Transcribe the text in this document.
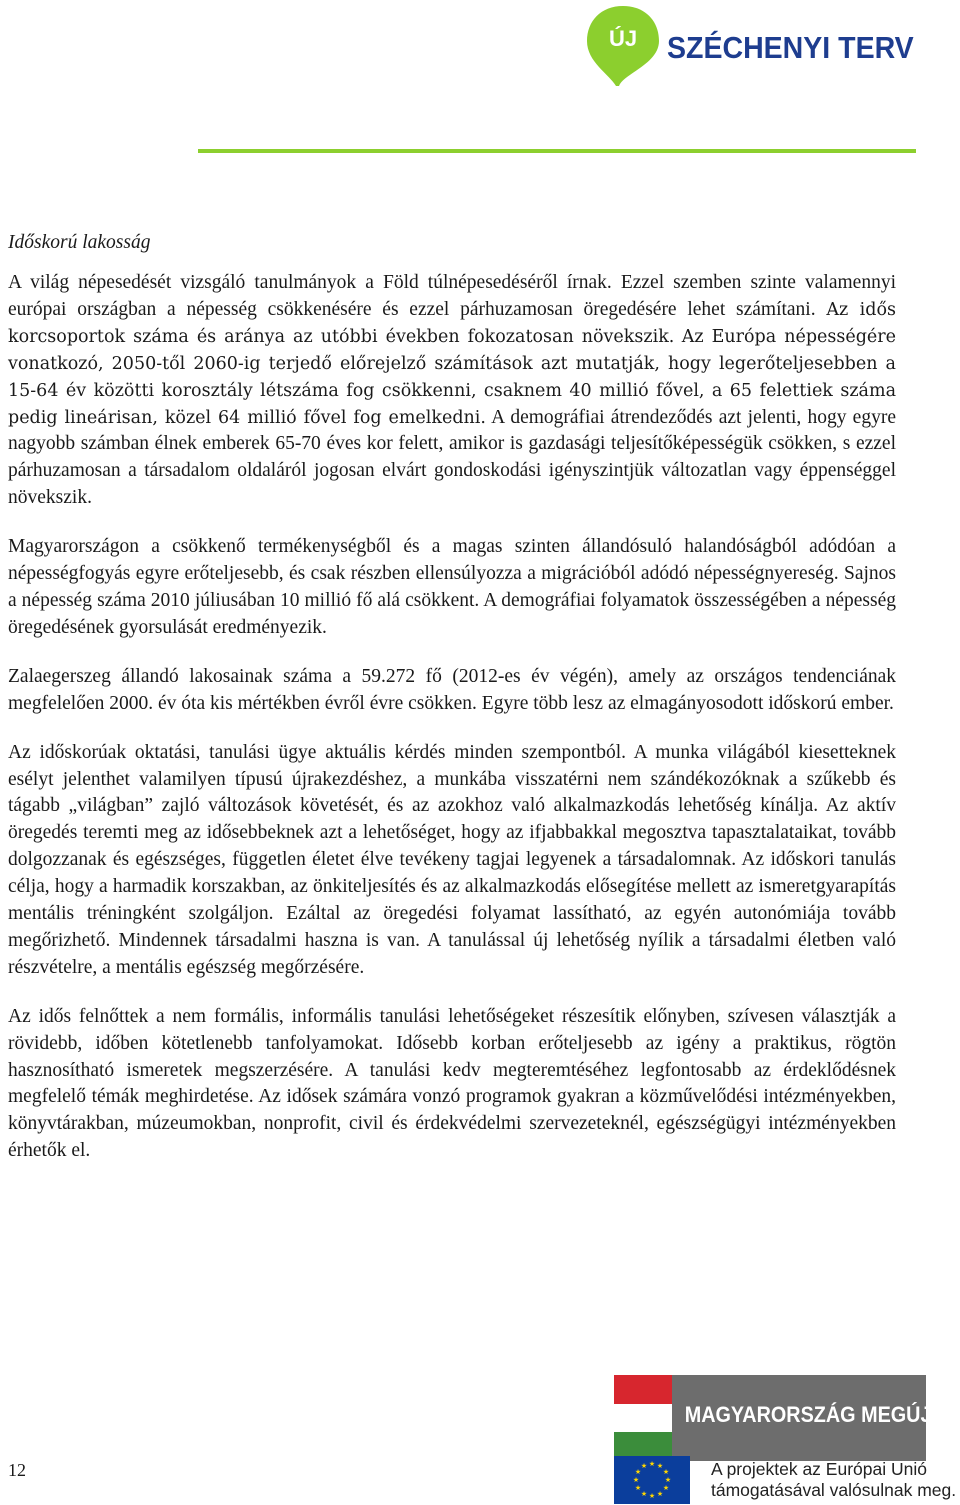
ÚJ SZÉCHENYI TERV
Időskorú lakosság

A világ népesedését vizsgáló tanulmányok a Föld túlnépesedéséről írnak. Ezzel szemben szinte valamennyi európai országban a népesség csökkenésére és ezzel párhuzamosan öregedésére lehet számítani. Az idős korcsoportok száma és aránya az utóbbi években fokozatosan növekszik. Az Európa népességére vonatkozó, 2050-től 2060-ig terjedő előrejelző számítások azt mutatják, hogy legerőteljesebben a 15-64 év közötti korosztály létszáma fog csökkenni, csaknem 40 millió fővel, a 65 felettiek száma pedig lineárisan, közel 64 millió fővel fog emelkedni. A demográfiai átrendeződés azt jelenti, hogy egyre nagyobb számban élnek emberek 65-70 éves kor felett, amikor is gazdasági teljesítőképességük csökken, s ezzel párhuzamosan a társadalom oldaláról jogosan elvárt gondoskodási igényszintjük változatlan vagy éppenséggel növekszik.

Magyarországon a csökkenő termékenységből és a magas szinten állandósuló halandóságból adódóan a népességfogyás egyre erőteljesebb, és csak részben ellensúlyozza a migrációból adódó népességnyereség. Sajnos a népesség száma 2010 júliusában 10 millió fő alá csökkent. A demográfiai folyamatok összességében a népesség öregedésének gyorsulását eredményezik.

Zalaegerszeg állandó lakosainak száma a 59.272 fő (2012-es év végén), amely az országos tendenciának megfelelően 2000. év óta kis mértékben évről évre csökken. Egyre több lesz az elmagányosodott időskorú ember.

Az időskorúak oktatási, tanulási ügye aktuális kérdés minden szempontból. A munka világából kiesetteknek esélyt jelenthet valamilyen típusú újrakezdéshez, a munkába visszatérni nem szándékozóknak a szűkebb és tágabb „világban” zajló változások követését, és az azokhoz való alkalmazkodás lehetőség kínálja. Az aktív öregedés teremti meg az idősebbeknek azt a lehetőséget, hogy az ifjabbakkal megosztva tapasztalataikat, tovább dolgozzanak és egészséges, független életet élve tevékeny tagjai legyenek a társadalomnak. Az időskori tanulás célja, hogy a harmadik korszakban, az önkiteljesítés és az alkalmazkodás elősegítése mellett az ismeretgyarapítás mentális tréningként szolgáljon. Ezáltal az öregedési folyamat lassítható, az egyén autonómiája tovább megőrizhető. Mindennek társadalmi haszna is van. A tanulással új lehetőség nyílik a társadalmi életben való részvételre, a mentális egészség megőrzésére.

Az idős felnőttek a nem formális, informális tanulási lehetőségeket részesítik előnyben, szívesen választják a rövidebb, időben kötetlenebb tanfolyamokat. Idősebb korban erőteljesebb az igény a praktikus, rögtön hasznosítható ismeretek megszerzésére. A tanulási kedv megteremtéséhez legfontosabb az érdeklődésnek megfelelő témák meghirdetése. Az idősek számára vonzó programok gyakran a közművelődési intézményekben, könyvtárakban, múzeumokban, nonprofit, civil és érdekvédelmi szervezeteknél, egészségügyi intézményekben érhetők el.

MAGYARORSZÁG MEGÚJUL
12	★ ★
★
★
★
★
★
★
★
★
★
★	A projektek az Európai Unió
támogatásával valósulnak meg.
